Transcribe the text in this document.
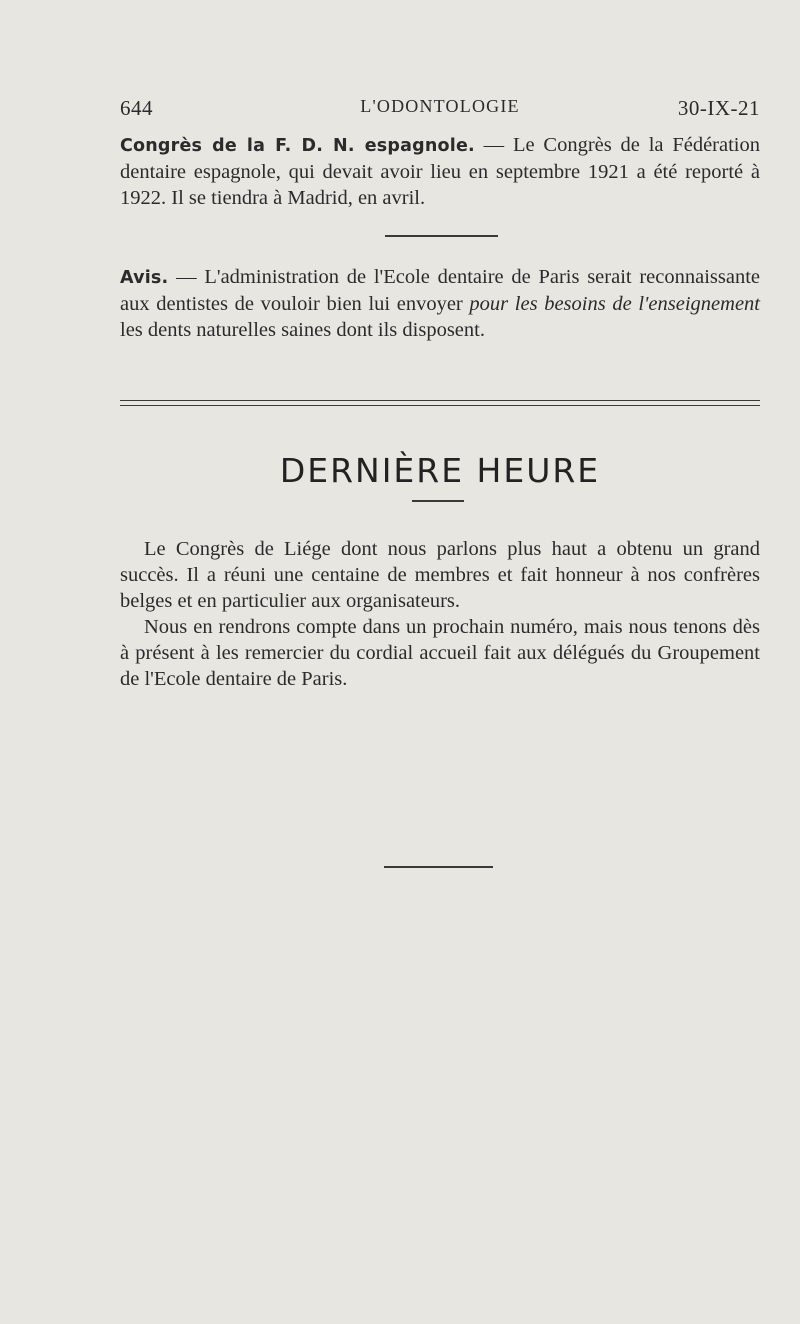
644	L'ODONTOLOGIE	30-IX-21
Congrès de la F. D. N. espagnole. — Le Congrès de la Fédération dentaire espagnole, qui devait avoir lieu en septembre 1921 a été reporté à 1922. Il se tiendra à Madrid, en avril.
Avis. — L'administration de l'Ecole dentaire de Paris serait reconnaissante aux dentistes de vouloir bien lui envoyer pour les besoins de l'enseignement les dents naturelles saines dont ils disposent.
DERNIÈRE HEURE
Le Congrès de Liége dont nous parlons plus haut a obtenu un grand succès. Il a réuni une centaine de membres et fait honneur à nos confrères belges et en particulier aux organisateurs.
Nous en rendrons compte dans un prochain numéro, mais nous tenons dès à présent à les remercier du cordial accueil fait aux délégués du Groupement de l'Ecole dentaire de Paris.
